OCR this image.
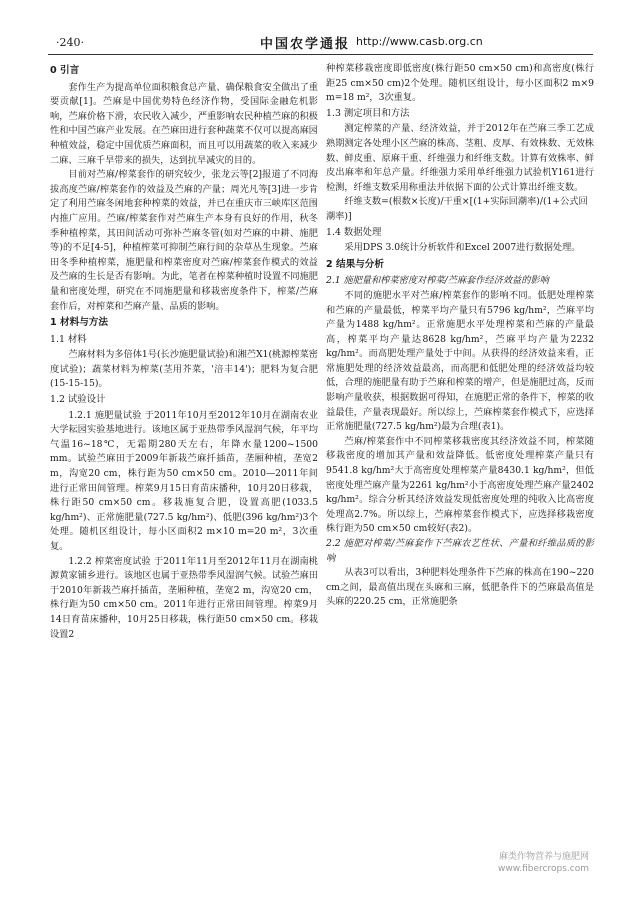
·240·	中国农学通报 http://www.casb.org.cn
0 引言

套作生产为提高单位面积粮食总产量、确保粮食安全做出了重要贡献[1]。苎麻是中国优势特色经济作物，受国际金融危机影响，苎麻价格下滑，农民收入减少，严重影响农民种植苎麻的积极性和中国苎麻产业发展。在苎麻田进行套种蔬菜不仅可以提高麻园种植效益，稳定中国优质苎麻面积，而且可以用蔬菜的收入来减少二麻、三麻千旱带来的损失，达到抗旱减灾的目的。

目前对苎麻/榨菜套作的研究较少，张龙云等[2]报道了不同海拔高度苎麻/榨菜套作的效益及苎麻的产量；周光凡等[3]进一步肯定了利用苎麻冬闲地套种榨菜的效益，并已在重庆市三峡库区范围内推广应用。苎麻/榨菜套作对苎麻生产本身有良好的作用，秋冬季种植榨菜，其田间活动可弥补苎麻冬管(如对苎麻的中耕、施肥等)的不足[4-5]，种植榨菜可抑制苎麻行间的杂草丛生现象。苎麻田冬季种植榨菜，施肥量和榨菜密度对苎麻/榨菜套作模式的效益及苎麻的生长是否有影响。为此，笔者在榨菜种植时设置不同施肥量和密度处理，研究在不同施肥量和移栽密度条件下，榨菜/苎麻套作后，对榨菜和苎麻产量、品质的影响。

1 材料与方法
1.1 材料

苎麻材料为多倍体1号(长沙施肥量试验)和湘苎X1(桃源榨菜密度试验)；蔬菜材料为榨菜(茎用芥菜，'涪丰14')；肥料为复合肥(15-15-15)。

1.2 试验设计

1.2.1 施肥量试验 于2011年10月至2012年10月在湖南农业大学耘园实验基地进行。该地区属于亚热带季风湿润气候，年平均气温16~18℃，无霜期280天左右，年降水量1200~1500 mm。试验苎麻田于2009年新栽苎麻扦插苗，垄厢种植，垄宽2 m，沟宽20 cm，株行距为50 cm×50 cm。2010—2011年间进行正常田间管理。榨菜9月15日育苗床播种，10月20日移栽，株行距50 cm×50 cm。移栽施复合肥，设置高肥(1033.5 kg/hm²)、正常施肥量(727.5 kg/hm²)、低肥(396 kg/hm²)3个处理。随机区组设计，每小区面积2 m×10 m=20 m²，3次重复。

1.2.2 榨菜密度试验 于2011年11月至2012年11月在湖南桃源黄家铺乡进行。该地区也属于亚热带季风湿润气候。试验苎麻田于2010年新栽苎麻扦插苗，垄厢种植，垄宽2 m，沟宽20 cm，株行距为50 cm×50 cm。2011年进行正常田间管理。榨菜9月14日育苗床播种，10月25日移栽，株行距50 cm×50 cm。移栽设置2

种榨菜移栽密度即低密度(株行距50 cm×50 cm)和高密度(株行距25 cm×50 cm)2个处理。随机区组设计，每小区面积2 m×9 m=18 m²，3次重复。

1.3 测定项目和方法

测定榨菜的产量、经济效益，并于2012年在苎麻三季工艺成熟期测定各处理小区苎麻的株高、茎粗、皮厚、有效株数、无效株数、鲜皮重、原麻干重、纤维强力和纤维支数。计算有效株率、鲜皮出麻率和年总产量。纤维强力采用单纤维强力试验机Y161进行检测，纤维支数采用称重法并依据下面的公式计算出纤维支数。

纤维支数=(根数×长度)/干重×[(1+实际回潮率)/(1+公式回潮率)]

1.4 数据处理

采用DPS 3.0统计分析软件和Excel 2007进行数据处理。

2 结果与分析

2.1 施肥量和榨菜密度对榨菜/苎麻套作经济效益的影响

不同的施肥水平对苎麻/榨菜套作的影响不同。低肥处理榨菜和苎麻的产量最低，榨菜平均产量只有5796 kg/hm²，苎麻平均产量为1488 kg/hm²。正常施肥水平处理榨菜和苎麻的产量最高，榨菜平均产量达8628 kg/hm²，苎麻平均产量为2232 kg/hm²。而高肥处理产量处于中间。从获得的经济效益来看，正常施肥处理的经济效益最高，而高肥和低肥处理的经济效益均较低，合理的施肥量有助于苎麻和榨菜的增产，但是施肥过高，反而影响产量收获，根据数据可得知，在施肥正常的条件下，榨菜的收益最佳，产量表现最好。所以综上，苎麻榨菜套作模式下，应选择正常施肥量(727.5 kg/hm²)最为合理(表1)。

苎麻/榨菜套作中不同榨菜移栽密度其经济效益不同，榨菜随移栽密度的增加其产量和效益降低。低密度处理榨菜产量只有9541.8 kg/hm²大于高密度处理榨菜产量8430.1 kg/hm²，但低密度处理苎麻产量为2261 kg/hm²小于高密度处理苎麻产量2402 kg/hm²。综合分析其经济效益发现低密度处理的纯收入比高密度处理高2.7%。所以综上，苎麻榨菜套作模式下，应选择移栽密度株行距为50 cm×50 cm较好(表2)。

2.2 施肥对榨菜/苎麻套作下苎麻农艺性状、产量和纤维品质的影响

从表3可以看出，3种肥料处理条件下苎麻的株高在190~220 cm之间，最高值出现在头麻和三麻，低肥条件下的苎麻最高值是头麻的220.25 cm，正常施肥条

麻类作物营养与施肥网
www.fibercrops.com
